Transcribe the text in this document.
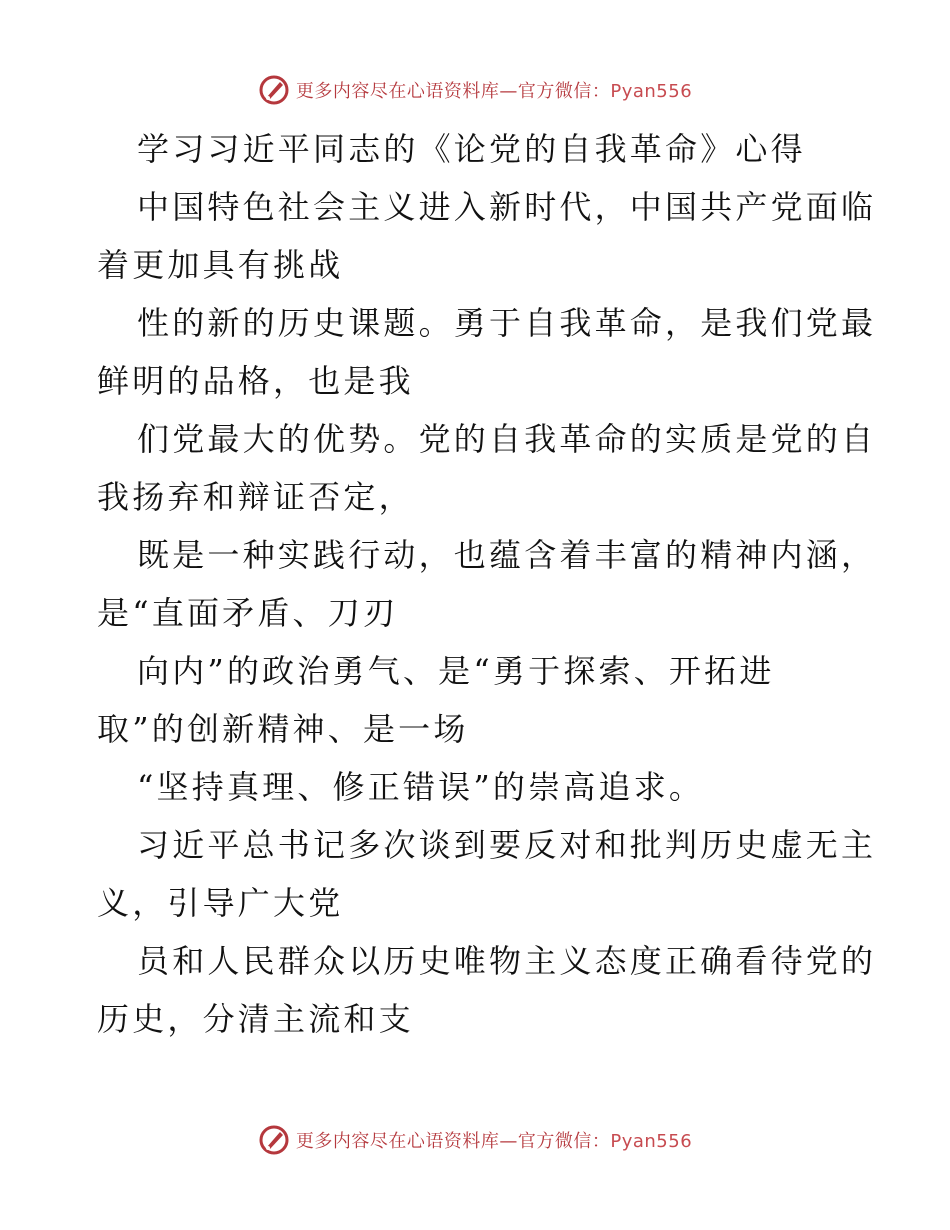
更多内容尽在心语资料库—官方微信：Pyan556
学习习近平同志的《论党的自我革命》心得
中国特色社会主义进入新时代，中国共产党面临
着更加具有挑战
性的新的历史课题。勇于自我革命，是我们党最
鲜明的品格，也是我
们党最大的优势。党的自我革命的实质是党的自
我扬弃和辩证否定，
既是一种实践行动，也蕴含着丰富的精神内涵，
是“直面矛盾、刀刃
向内”的政治勇气、是“勇于探索、开拓进
取”的创新精神、是一场
“坚持真理、修正错误”的崇高追求。
习近平总书记多次谈到要反对和批判历史虚无主
义，引导广大党
员和人民群众以历史唯物主义态度正确看待党的
历史，分清主流和支
更多内容尽在心语资料库—官方微信：Pyan556
